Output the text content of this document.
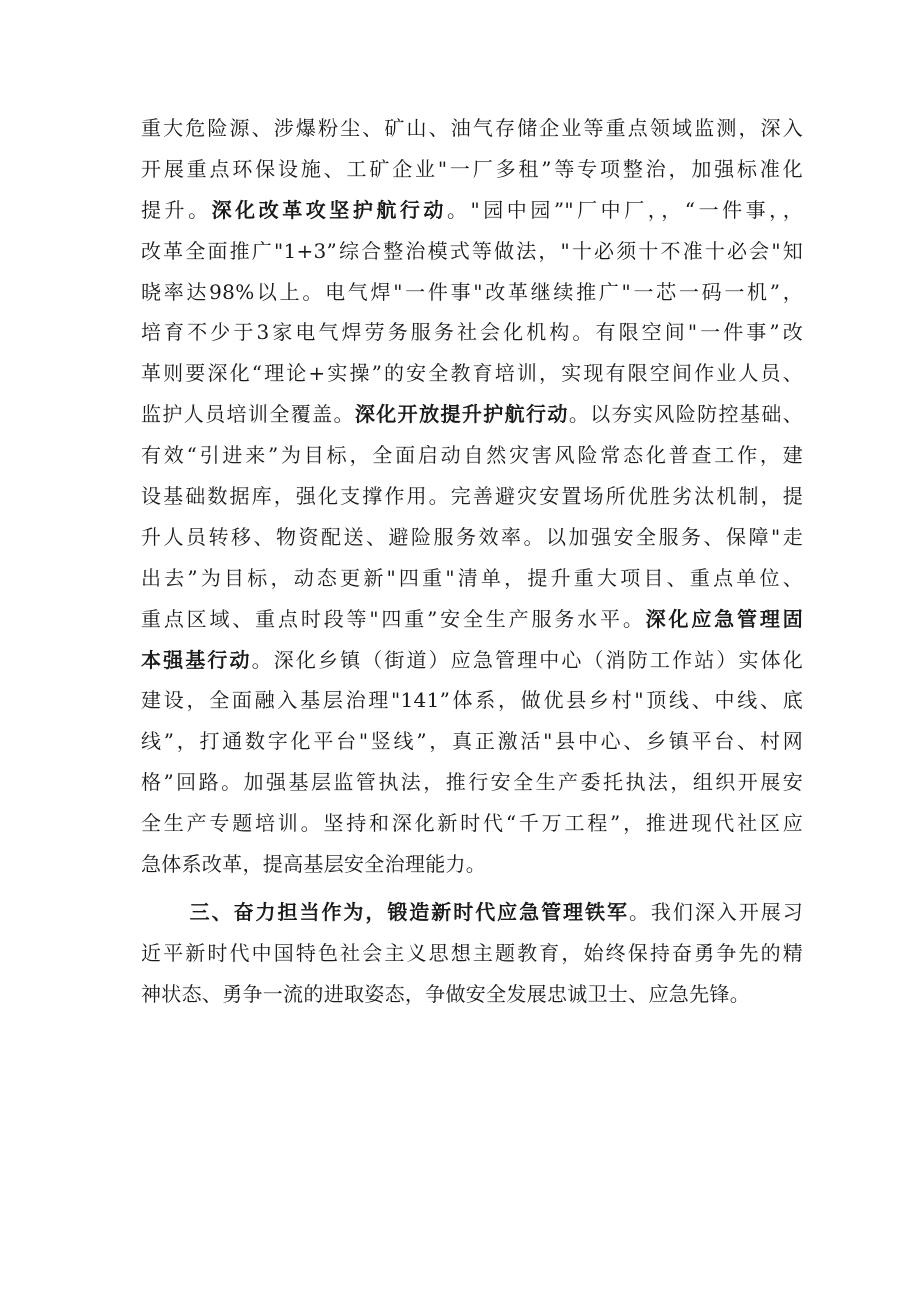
重大危险源、涉爆粉尘、矿山、油气存储企业等重点领域监测，深入
开展重点环保设施、工矿企业"一厂多租”等专项整治，加强标准化
提升。深化改革攻坚护航行动。"园中园”"厂中厂，，“一件事，，
改革全面推广"1+3”综合整治模式等做法，"十必须十不准十必会"知
晓率达98%以上。电气焊"一件事"改革继续推广"一芯一码一机”，
培育不少于3家电气焊劳务服务社会化机构。有限空间"一件事”改
革则要深化“理论+实操”的安全教育培训，实现有限空间作业人员、
监护人员培训全覆盖。深化开放提升护航行动。以夯实风险防控基础、
有效“引进来”为目标，全面启动自然灾害风险常态化普查工作，建
设基础数据库，强化支撑作用。完善避灾安置场所优胜劣汰机制，提
升人员转移、物资配送、避险服务效率。以加强安全服务、保障"走
出去”为目标，动态更新"四重"清单，提升重大项目、重点单位、
重点区域、重点时段等"四重”安全生产服务水平。深化应急管理固
本强基行动。深化乡镇（街道）应急管理中心（消防工作站）实体化
建设，全面融入基层治理"141”体系，做优县乡村"顶线、中线、底
线”，打通数字化平台"竖线”，真正激活"县中心、乡镇平台、村网
格”回路。加强基层监管执法，推行安全生产委托执法，组织开展安
全生产专题培训。坚持和深化新时代“千万工程”，推进现代社区应
急体系改革，提高基层安全治理能力。
三、奋力担当作为，锻造新时代应急管理铁军。我们深入开展习
近平新时代中国特色社会主义思想主题教育，始终保持奋勇争先的精
神状态、勇争一流的进取姿态，争做安全发展忠诚卫士、应急先锋。
